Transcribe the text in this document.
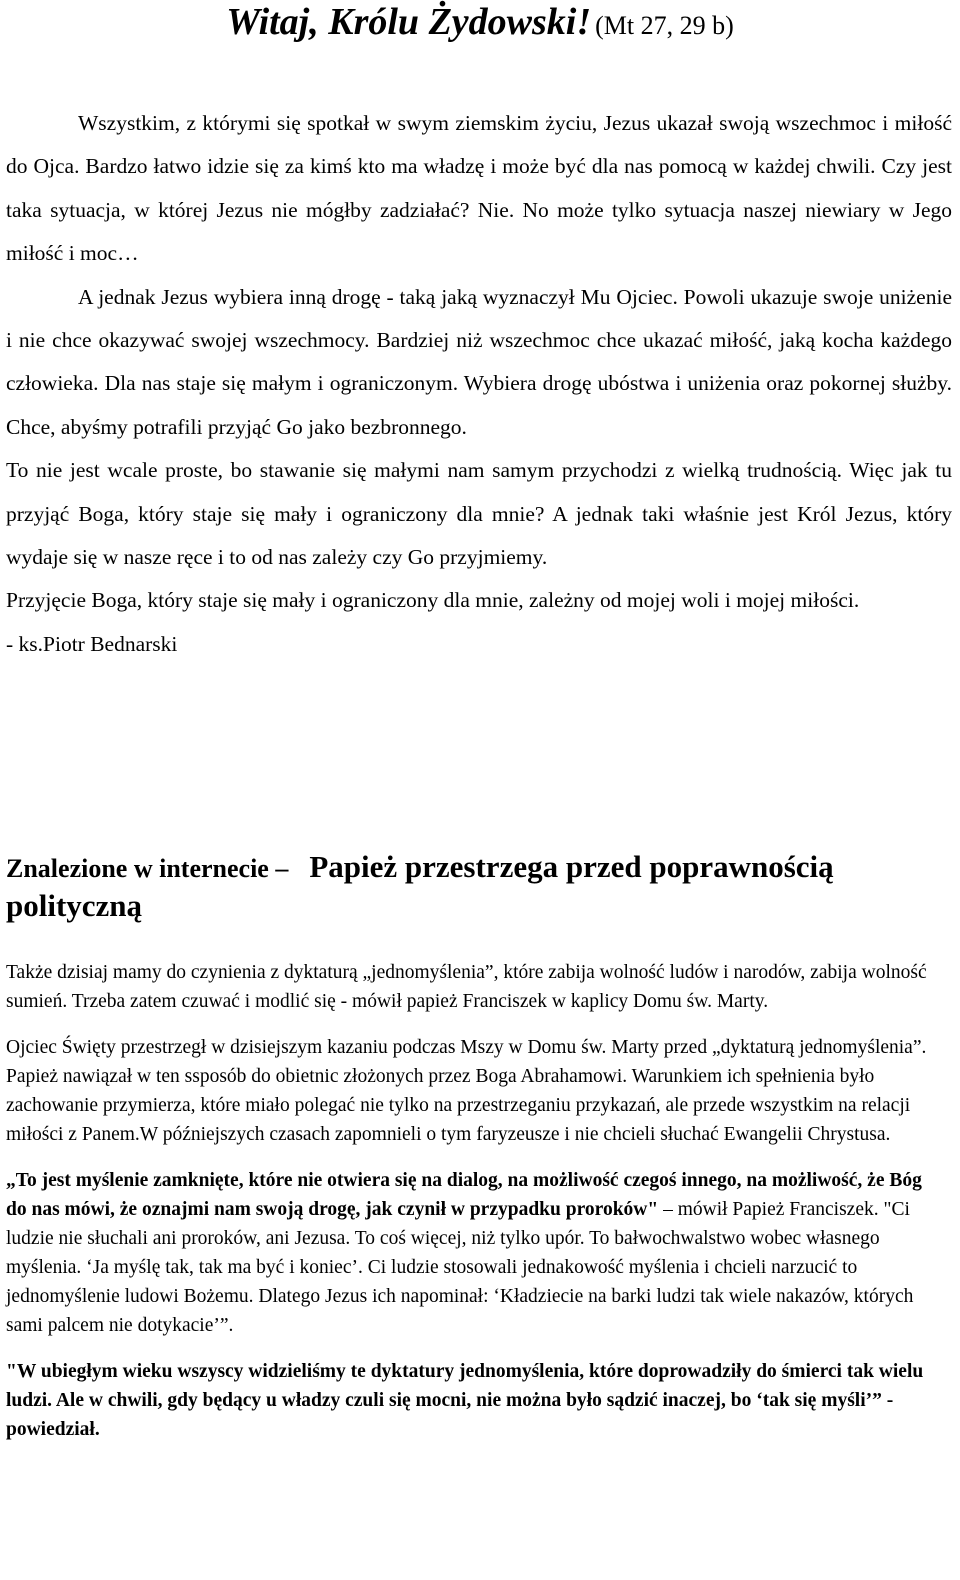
Witaj, Królu Żydowski! (Mt 27, 29 b)

Wszystkim, z którymi się spotkał w swym ziemskim życiu, Jezus ukazał swoją wszechmoc i miłość do Ojca. Bardzo łatwo idzie się za kimś kto ma władzę i może być dla nas pomocą w każdej chwili. Czy jest taka sytuacja, w której Jezus nie mógłby zadziałać? Nie. No może tylko sytuacja naszej niewiary w Jego miłość i moc…

A jednak Jezus wybiera inną drogę - taką jaką wyznaczył Mu Ojciec. Powoli ukazuje swoje uniżenie i nie chce okazywać swojej wszechmocy. Bardziej niż wszechmoc chce ukazać miłość, jaką kocha każdego człowieka. Dla nas staje się małym i ograniczonym. Wybiera drogę ubóstwa i uniżenia oraz pokornej służby. Chce, abyśmy potrafili przyjąć Go jako bezbronnego.

To nie jest wcale proste, bo stawanie się małymi nam samym przychodzi z wielką trudnością. Więc jak tu przyjąć Boga, który staje się mały i ograniczony dla mnie? A jednak taki właśnie jest Król Jezus, który wydaje się w nasze ręce i to od nas zależy czy Go przyjmiemy.

Przyjęcie Boga, który staje się mały i ograniczony dla mnie, zależny od mojej woli i mojej miłości.

- ks.Piotr Bednarski

Znalezione w internecie – Papież przestrzega przed poprawnością polityczną

Także dzisiaj mamy do czynienia z dyktaturą „jednomyślenia”, które zabija wolność ludów i narodów, zabija wolność sumień. Trzeba zatem czuwać i modlić się - mówił papież Franciszek w kaplicy Domu św. Marty.

Ojciec Święty przestrzegł w dzisiejszym kazaniu podczas Mszy w Domu św. Marty przed „dyktaturą jednomyślenia”. Papież nawiązał w ten ssposób do obietnic złożonych przez Boga Abrahamowi. Warunkiem ich spełnienia było zachowanie przymierza, które miało polegać nie tylko na przestrzeganiu przykazań, ale przede wszystkim na relacji miłości z Panem.W późniejszych czasach zapomnieli o tym faryzeusze i nie chcieli słuchać Ewangelii Chrystusa.

„To jest myślenie zamknięte, które nie otwiera się na dialog, na możliwość czegoś innego, na możliwość, że Bóg do nas mówi, że oznajmi nam swoją drogę, jak czynił w przypadku proroków" – mówił Papież Franciszek. "Ci ludzie nie słuchali ani proroków, ani Jezusa. To coś więcej, niż tylko upór. To bałwochwalstwo wobec własnego myślenia. ‘Ja myślę tak, tak ma być i koniec’. Ci ludzie stosowali jednakowość myślenia i chcieli narzucić to jednomyślenie ludowi Bożemu. Dlatego Jezus ich napominał: ‘Kładziecie na barki ludzi tak wiele nakazów, których sami palcem nie dotykacie’”.

"W ubiegłym wieku wszyscy widzieliśmy te dyktatury jednomyślenia, które doprowadziły do śmierci tak wielu ludzi. Ale w chwili, gdy będący u władzy czuli się mocni, nie można było sądzić inaczej, bo ‘tak się myśli’” - powiedział.
